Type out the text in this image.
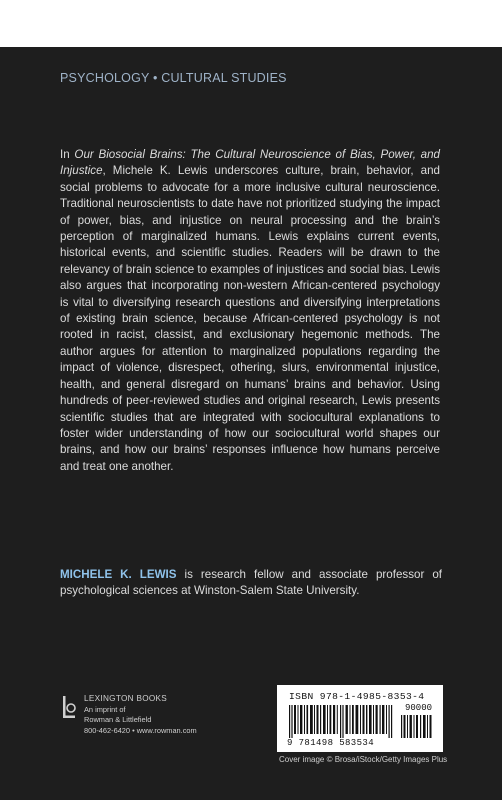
PSYCHOLOGY • CULTURAL STUDIES

In Our Biosocial Brains: The Cultural Neuroscience of Bias, Power, and Injustice, Michele K. Lewis underscores culture, brain, behavior, and social problems to advocate for a more inclusive cultural neuroscience. Traditional neuroscientists to date have not prioritized studying the impact of power, bias, and injustice on neural processing and the brain’s perception of marginalized humans. Lewis explains current events, historical events, and scientific studies. Readers will be drawn to the relevancy of brain science to examples of injustices and social bias. Lewis also argues that incorporating non-western African-centered psychology is vital to diversifying research questions and diversifying interpretations of existing brain science, because African-centered psychology is not rooted in racist, classist, and exclusionary hegemonic methods. The author argues for attention to marginalized populations regarding the impact of violence, disrespect, othering, slurs, environmental injustice, health, and general disregard on humans’ brains and behavior. Using hundreds of peer-reviewed studies and original research, Lewis presents scientific studies that are integrated with sociocultural explanations to foster wider understanding of how our sociocultural world shapes our brains, and how our brains’ responses influence how humans perceive and treat one another.

MICHELE K. LEWIS is research fellow and associate professor of psychological sciences at Winston-Salem State University.

LEXINGTON BOOKS
An imprint of
Rowman & Littlefield
800-462-6420 • www.rowman.com
ISBN 978-1-4985-8353-4
90000
9 781498 583534
Cover image © Brosa/iStock/Getty Images Plus
